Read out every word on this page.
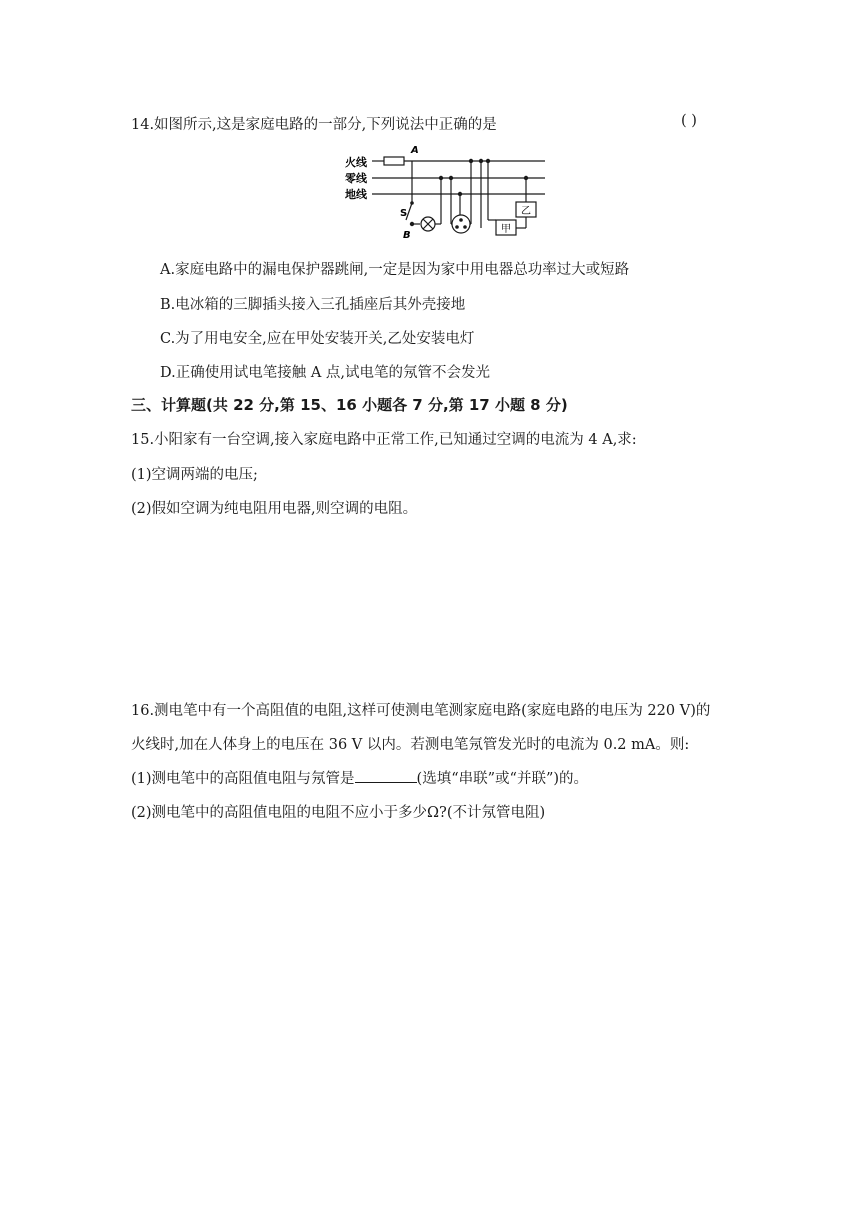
14.如图所示,这是家庭电路的一部分,下列说法中正确的是	( )
火线
零线
地线
A
S
B
甲
乙
A.家庭电路中的漏电保护器跳闸,一定是因为家中用电器总功率过大或短路
B.电冰箱的三脚插头接入三孔插座后其外壳接地
C.为了用电安全,应在甲处安装开关,乙处安装电灯
D.正确使用试电笔接触 A 点,试电笔的氖管不会发光
三、计算题(共 22 分,第 15、16 小题各 7 分,第 17 小题 8 分)
15.小阳家有一台空调,接入家庭电路中正常工作,已知通过空调的电流为 4 A,求:
(1)空调两端的电压;
(2)假如空调为纯电阻用电器,则空调的电阻。
16.测电笔中有一个高阻值的电阻,这样可使测电笔测家庭电路(家庭电路的电压为 220 V)的
火线时,加在人体身上的电压在 36 V 以内。若测电笔氖管发光时的电流为 0.2 mA。则:
(1)测电笔中的高阻值电阻与氖管是	(选填“串联”或“并联”)的。
(2)测电笔中的高阻值电阻的电阻不应小于多少Ω?(不计氖管电阻)
